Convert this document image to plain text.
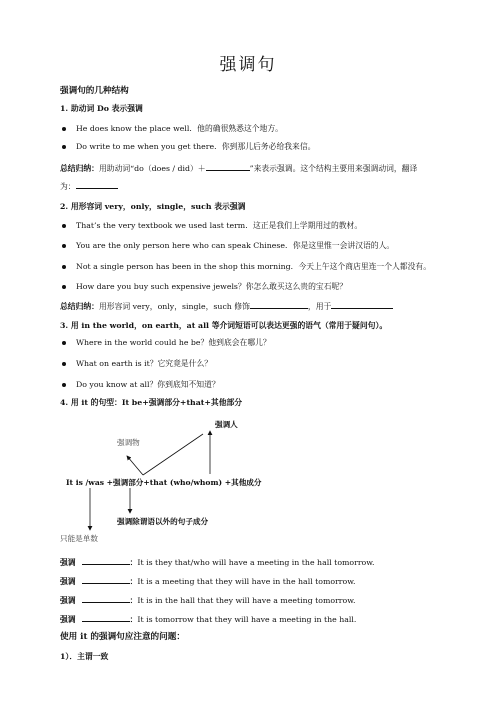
强调句
强调句的几种结构
1. 助动词 Do 表示强调
He does know the place well．他的确很熟悉这个地方。
Do write to me when you get there．你到那儿后务必给我来信。
总结归纳：用助动词“do（does / did）＋	”来表示强调。这个结构主要用来强调动词，翻译
为：
2. 用形容词 very，only，single，such 表示强调
That’s the very textbook we used last term．这正是我们上学期用过的教材。
You are the only person here who can speak Chinese．你是这里惟一会讲汉语的人。
Not a single person has been in the shop this morning．今天上午这个商店里连一个人都没有。
How dare you buy such expensive jewels？你怎么敢买这么贵的宝石呢？
总结归纳：用形容词 very，only，single，such 修饰	，用于
3. 用 in the world，on earth，at all 等介词短语可以表达更强的语气（常用于疑问句）。
Where in the world could he be？他到底会在哪儿？
What on earth is it？它究竟是什么？
Do you know at all？你到底知不知道？
4. 用 it 的句型：It be+强调部分+that+其他部分
强调人
强调物
It is /was +强调部分+that (who/whom) +其他成分
强调除谓语以外的句子成分
只能是单数
强调	：It is they that/who will have a meeting in the hall tomorrow.
强调	：It is a meeting that they will have in the hall tomorrow.
强调	：It is in the hall that they will have a meeting tomorrow.
强调	：It is tomorrow that they will have a meeting in the hall.
使用 it 的强调句应注意的问题：
1）．主谓一致
